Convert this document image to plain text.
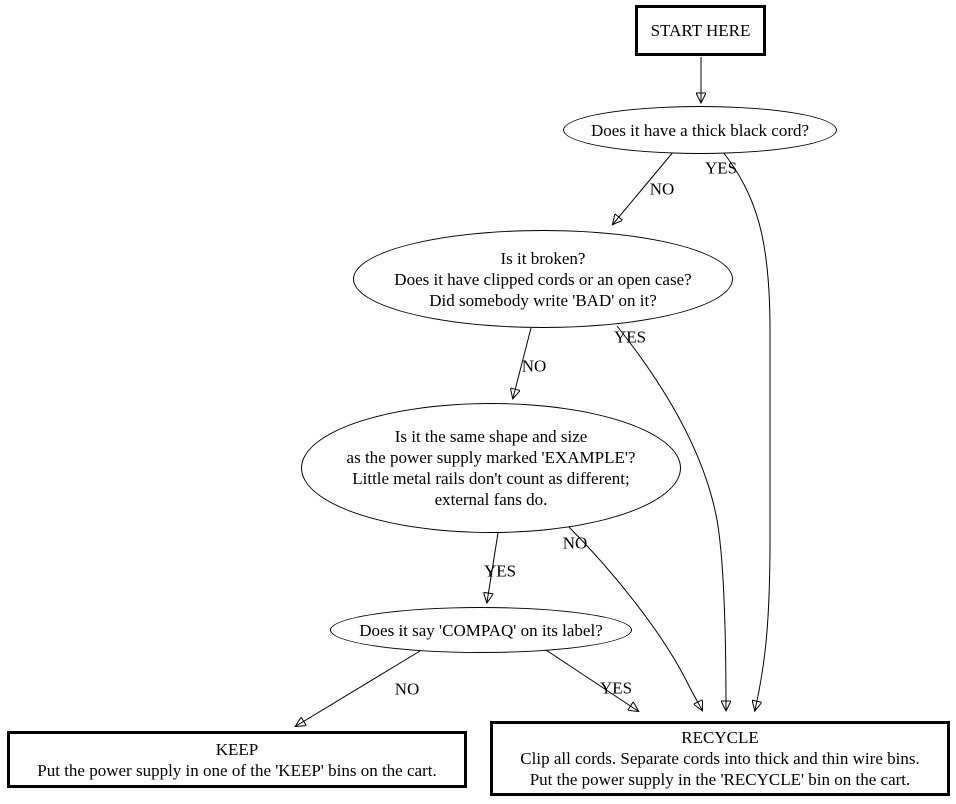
START HERE
Does it have a thick black cord?
Is it broken?
Does it have clipped cords or an open case?
Did somebody write 'BAD' on it?
Is it the same shape and size
as the power supply marked 'EXAMPLE'?
Little metal rails don't count as different;
external fans do.
Does it say 'COMPAQ' on its label?
KEEP
Put the power supply in one of the 'KEEP' bins on the cart.
RECYCLE
Clip all cords. Separate cords into thick and thin wire bins.
Put the power supply in the 'RECYCLE' bin on the cart.
NO
YES
NO
YES
YES
NO
NO	YES
